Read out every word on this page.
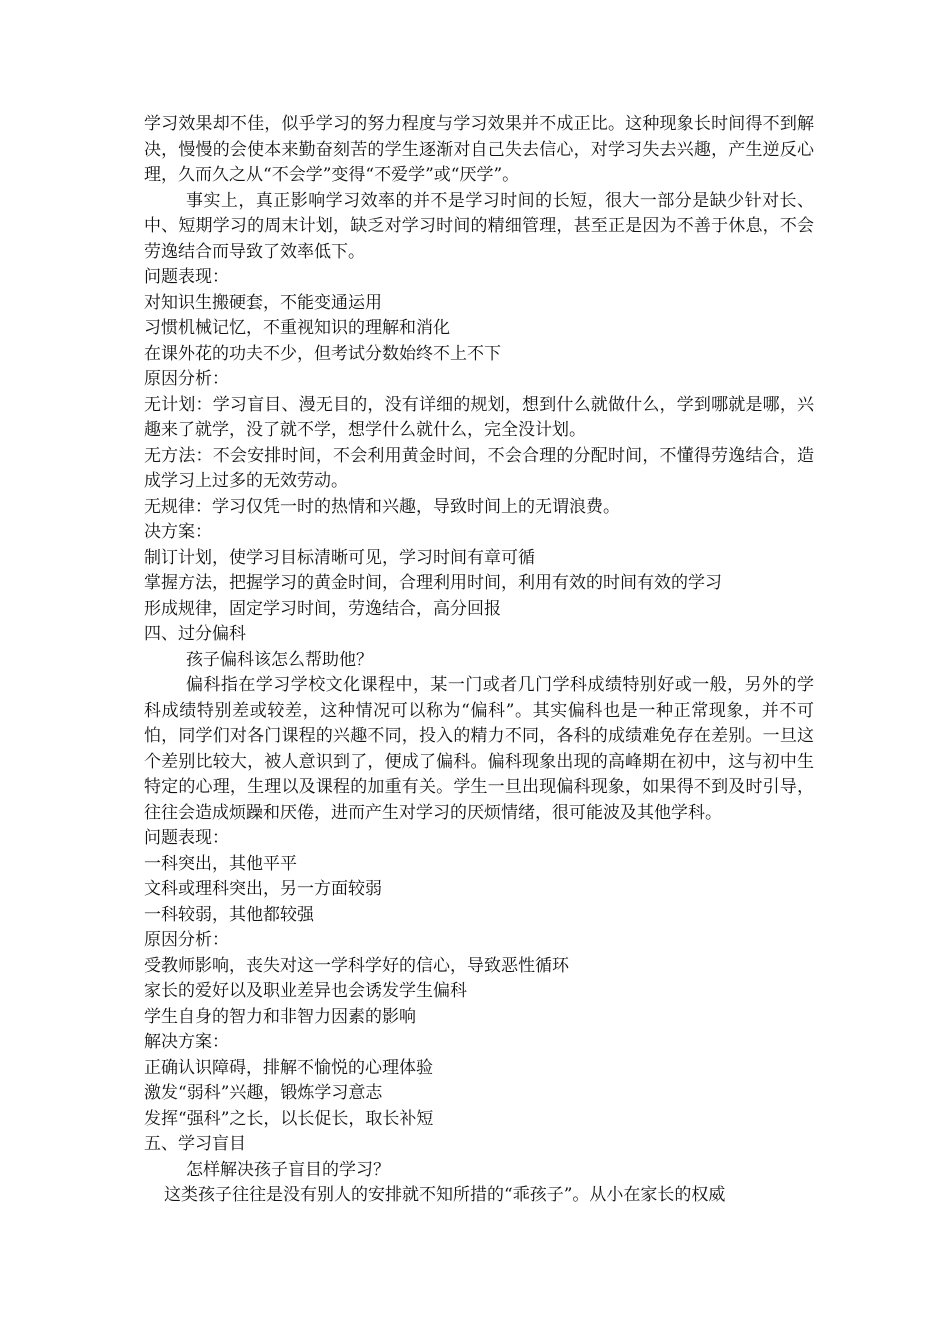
学习效果却不佳，似乎学习的努力程度与学习效果并不成正比。这种现象长时间得不到解决，慢慢的会使本来勤奋刻苦的学生逐渐对自己失去信心，对学习失去兴趣，产生逆反心理，久而久之从“不会学”变得“不爱学”或“厌学”。

事实上，真正影响学习效率的并不是学习时间的长短，很大一部分是缺少针对长、中、短期学习的周末计划，缺乏对学习时间的精细管理，甚至正是因为不善于休息，不会劳逸结合而导致了效率低下。

问题表现：

对知识生搬硬套，不能变通运用

习惯机械记忆，不重视知识的理解和消化

在课外花的功夫不少，但考试分数始终不上不下

原因分析：

无计划：学习盲目、漫无目的，没有详细的规划，想到什么就做什么，学到哪就是哪，兴趣来了就学，没了就不学，想学什么就什么，完全没计划。

无方法：不会安排时间，不会利用黄金时间，不会合理的分配时间，不懂得劳逸结合，造成学习上过多的无效劳动。

无规律：学习仅凭一时的热情和兴趣，导致时间上的无谓浪费。

决方案：

制订计划，使学习目标清晰可见，学习时间有章可循

掌握方法，把握学习的黄金时间，合理利用时间，利用有效的时间有效的学习

形成规律，固定学习时间，劳逸结合，高分回报

四、过分偏科

孩子偏科该怎么帮助他？

偏科指在学习学校文化课程中，某一门或者几门学科成绩特别好或一般，另外的学科成绩特别差或较差，这种情况可以称为“偏科”。其实偏科也是一种正常现象，并不可怕，同学们对各门课程的兴趣不同，投入的精力不同，各科的成绩难免存在差别。一旦这个差别比较大，被人意识到了，便成了偏科。偏科现象出现的高峰期在初中，这与初中生特定的心理，生理以及课程的加重有关。学生一旦出现偏科现象，如果得不到及时引导，往往会造成烦躁和厌倦，进而产生对学习的厌烦情绪，很可能波及其他学科。

问题表现：

一科突出，其他平平

文科或理科突出，另一方面较弱

一科较弱，其他都较强

原因分析：

受教师影响，丧失对这一学科学好的信心，导致恶性循环

家长的爱好以及职业差异也会诱发学生偏科

学生自身的智力和非智力因素的影响

解决方案：

正确认识障碍，排解不愉悦的心理体验

激发“弱科”兴趣，锻炼学习意志

发挥“强科”之长，以长促长，取长补短

五、学习盲目

怎样解决孩子盲目的学习？

这类孩子往往是没有别人的安排就不知所措的“乖孩子”。从小在家长的权威
